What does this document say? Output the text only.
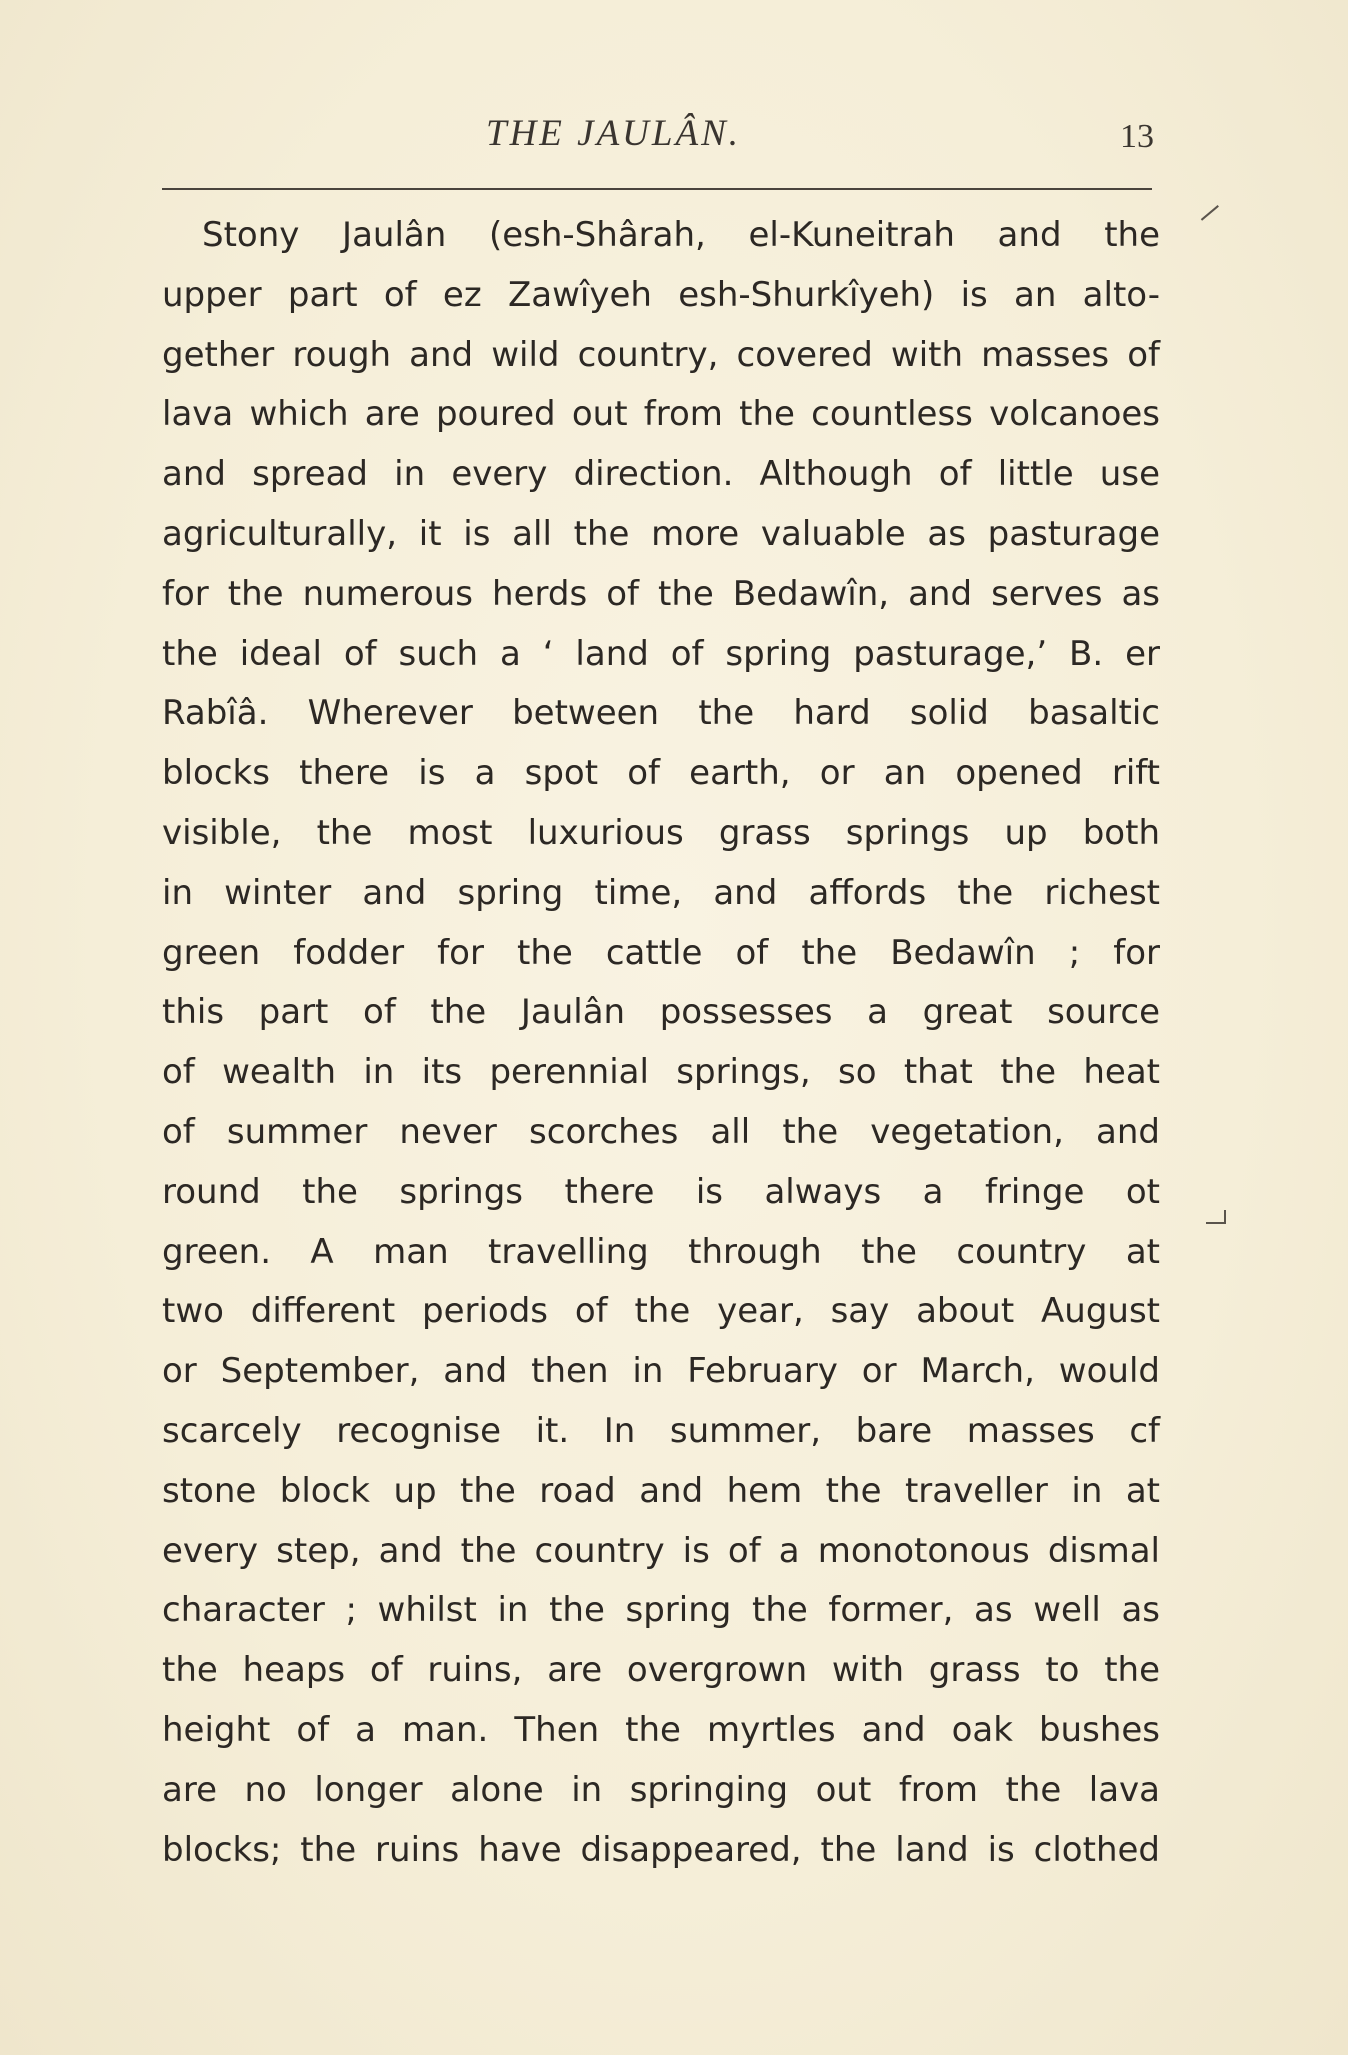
THE JAULÂN.	13
Stony Jaulân (esh-Shârah, el-Kuneitrah and the
upper part of ez Zawîyeh esh-Shurkîyeh) is an alto-
gether rough and wild country, covered with masses of
lava which are poured out from the countless volcanoes
and spread in every direction. Although of little use
agriculturally, it is all the more valuable as pasturage
for the numerous herds of the Bedawîn, and serves as
the ideal of such a ‘ land of spring pasturage,’ B. er
Rabîâ. Wherever between the hard solid basaltic
blocks there is a spot of earth, or an opened rift
visible, the most luxurious grass springs up both
in winter and spring time, and affords the richest
green fodder for the cattle of the Bedawîn ; for
this part of the Jaulân possesses a great source
of wealth in its perennial springs, so that the heat
of summer never scorches all the vegetation, and
round the springs there is always a fringe ot
green. A man travelling through the country at
two different periods of the year, say about August
or September, and then in February or March, would
scarcely recognise it. In summer, bare masses cf
stone block up the road and hem the traveller in at
every step, and the country is of a monotonous dismal
character ; whilst in the spring the former, as well as
the heaps of ruins, are overgrown with grass to the
height of a man. Then the myrtles and oak bushes
are no longer alone in springing out from the lava
blocks; the ruins have disappeared, the land is clothed
